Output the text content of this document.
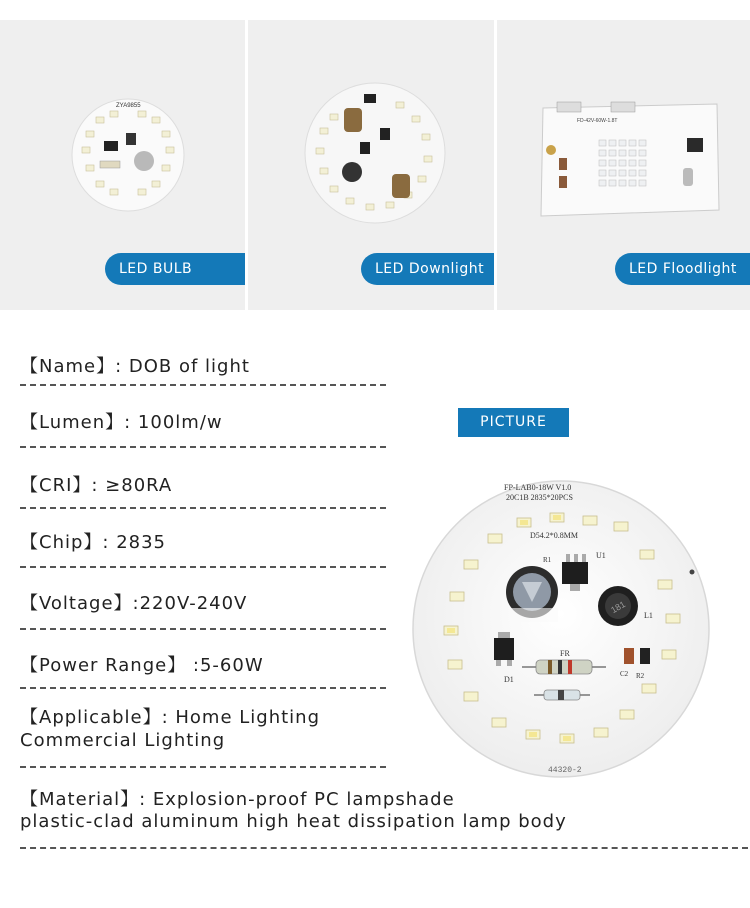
ZYA9855
LED BULB	LED Downlight
FD-42V-60W-1.8T
LED Floodlight
【Name】: DOB of light
【Lumen】: 100lm/w
【CRI】: ≥80RA
【Chip】: 2835
【Voltage】:220V-240V
【Power Range】 :5-60W
【Applicable】: Home Lighting
Commercial Lighting
【Material】: Explosion-proof PC lampshade
plastic-clad aluminum high heat dissipation lamp body
PICTURE
FP-LAB0-18W V1.0
20C1B 2835*20PCS
D54.2*0.8MM
U1
R1
181
L1
D1
FR
C2 R2
44320-2
